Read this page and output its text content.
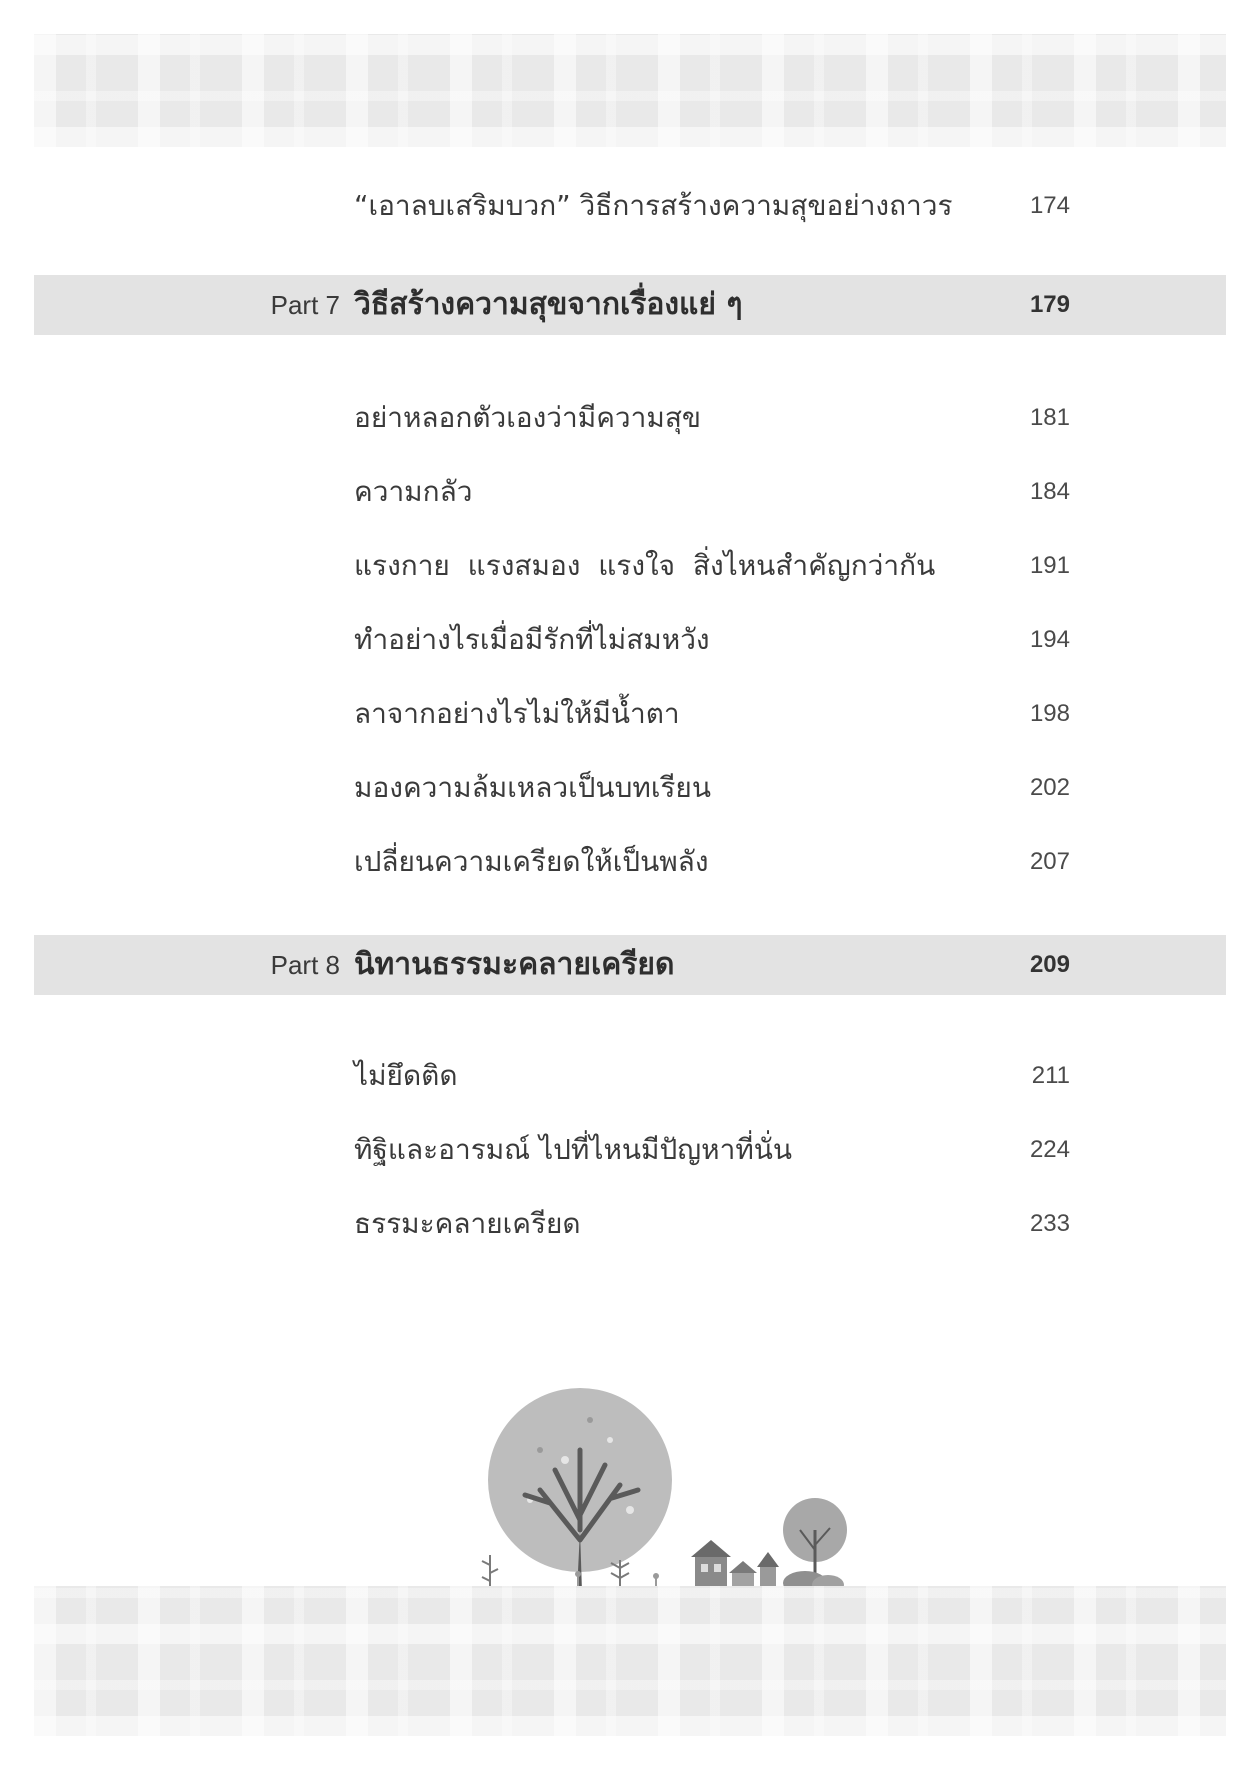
“เอาลบเสริมบวก” วิธีการสร้างความสุขอย่างถาวร	174
Part 7 วิธีสร้างความสุขจากเรื่องแย่ ๆ	179
อย่าหลอกตัวเองว่ามีความสุข	181
ความกลัว	184
แรงกาย  แรงสมอง  แรงใจ  สิ่งไหนสำคัญกว่ากัน	191
ทำอย่างไรเมื่อมีรักที่ไม่สมหวัง	194
ลาจากอย่างไรไม่ให้มีน้ำตา	198
มองความล้มเหลวเป็นบทเรียน	202
เปลี่ยนความเครียดให้เป็นพลัง	207
Part 8 นิทานธรรมะคลายเครียด	209
ไม่ยึดติด	211
ทิฐิและอารมณ์ ไปที่ไหนมีปัญหาที่นั่น	224
ธรรมะคลายเครียด	233
